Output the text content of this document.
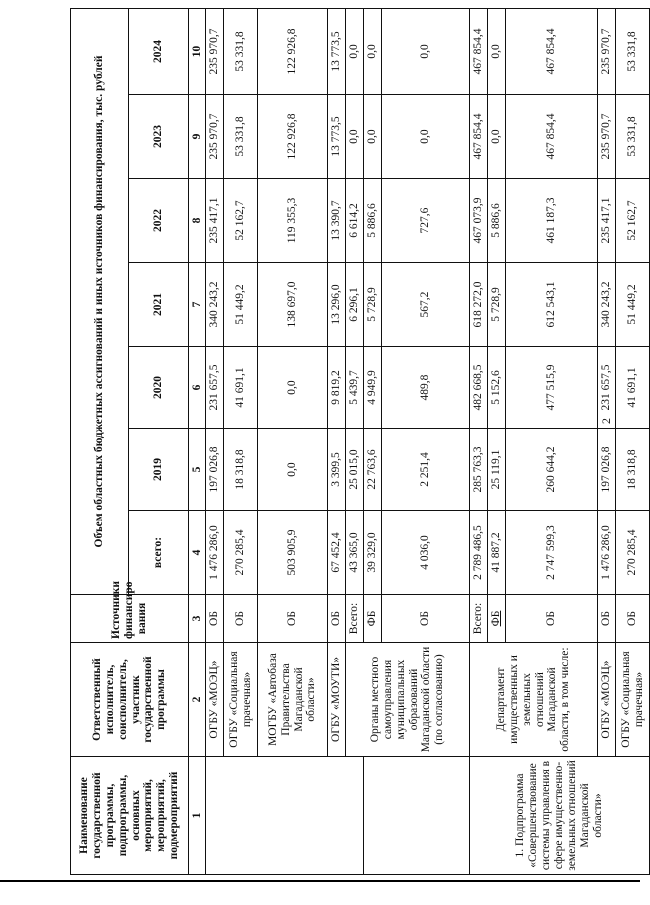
2
Наименование государственной программы, подпрограммы, основных мероприятий, мероприятий, подмероприятий	Ответственный исполнитель, соисполнитель, участник государственной программы	Источники финансиро вания	Объем областных бюджетных ассигнований и иных источников финансирования, тыс. рублей						
			всего:	2019	2020	2021	2022	2023	2024
1	2	3	4	5	6	7	8	9	10
	ОГБУ «МОЭЦ»	ОБ	1 476 286,0	197 026,8	231 657,5	340 243,2	235 417,1	235 970,7	235 970,7
	ОГБУ «Социальная пpачечная»	ОБ	270 285,4	18 318,8	41 691,1	51 449,2	52 162,7	53 331,8	53 331,8
	МОГБУ «Автобаза Правительства Магаданской области»	ОБ	503 905,9	0,0	0,0	138 697,0	119 355,3	122 926,8	122 926,8
	ОГБУ «МОУТИ»	ОБ	67 452,4	3 399,5	9 819,2	13 296,0	13 390,7	13 773,5	13 773,5
	Органы местного самоуправления муниципальных образований Магаданской области (по согласованию)	Всего:	43 365,0	25 015,0	5 439,7	6 296,1	6 614,2	0,0	0,0
		ФБ	39 329,0	22 763,6	4 949,9	5 728,9	5 886,6	0,0	0,0
		ОБ	4 036,0	2 251,4	489,8	567,2	727,6	0,0	0,0
1. Подпрограмма «Совершенствование системы управления в сфере имущественно-земельных отношений Магаданской области»	Департамент имущественных и земельных отношений Магаданской области, в том числе:	Всего:	2 789 486,5	285 763,3	482 668,5	618 272,0	467 073,9	467 854,4	467 854,4
		ФБ	41 887,2	25 119,1	5 152,6	5 728,9	5 886,6	0,0	0,0
		ОБ	2 747 599,3	260 644,2	477 515,9	612 543,1	461 187,3	467 854,4	467 854,4
	ОГБУ «МОЭЦ»	ОБ	1 476 286,0	197 026,8	231 657,5	340 243,2	235 417,1	235 970,7	235 970,7
	ОГБУ «Социальная прачечная»	ОБ	270 285,4	18 318,8	41 691,1	51 449,2	52 162,7	53 331,8	53 331,8
